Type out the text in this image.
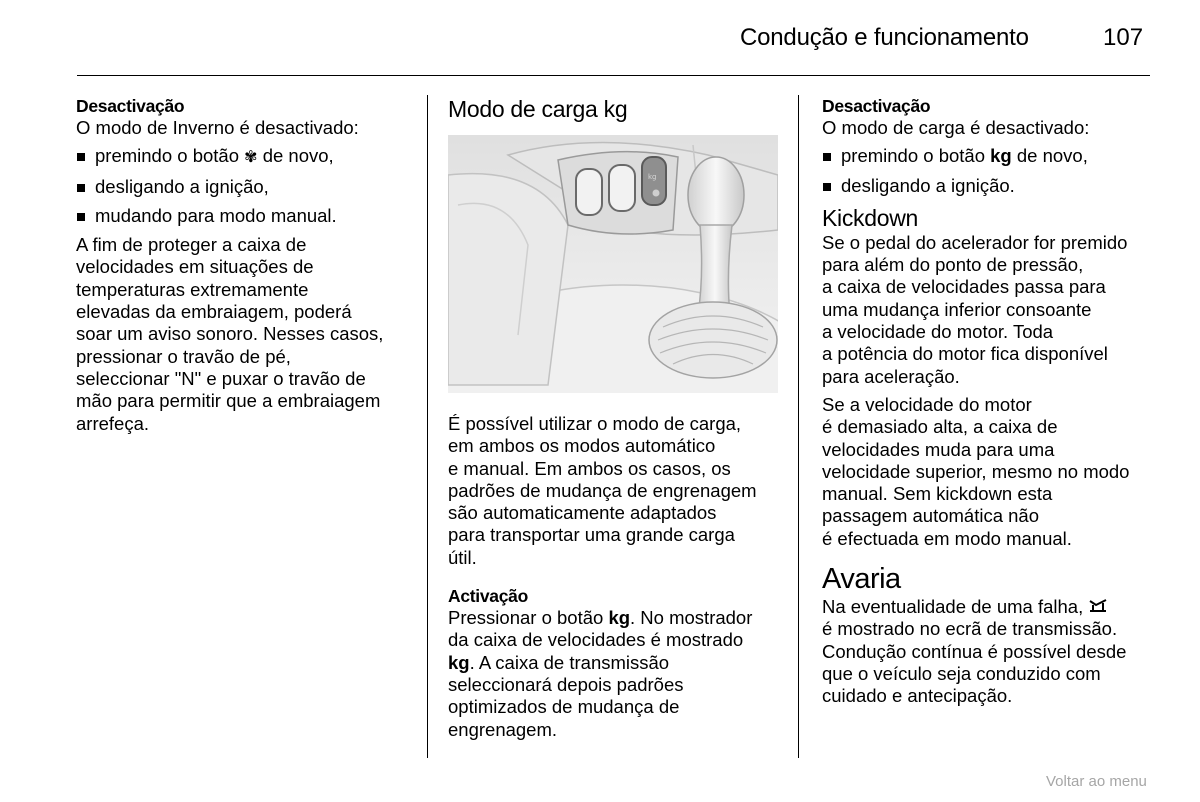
Condução e funcionamento	107
Desactivação

O modo de Inverno é desactivado:

premindo o botão ✾ de novo,
desligando a ignição,
mudando para modo manual.

A fim de proteger a caixa de
velocidades em situações de
temperaturas extremamente
elevadas da embraiagem, poderá
soar um aviso sonoro. Nesses casos,
pressionar o travão de pé,
seleccionar "N" e puxar o travão de
mão para permitir que a embraiagem
arrefeça.

Modo de carga kg
kg

É possível utilizar o modo de carga,
em ambos os modos automático
e manual. Em ambos os casos, os
padrões de mudança de engrenagem
são automaticamente adaptados
para transportar uma grande carga
útil.

Activação

Pressionar o botão kg. No mostrador
da caixa de velocidades é mostrado
kg. A caixa de transmissão
seleccionará depois padrões
optimizados de mudança de
engrenagem.

Desactivação

O modo de carga é desactivado:

premindo o botão kg de novo,
desligando a ignição.
Kickdown

Se o pedal do acelerador for premido
para além do ponto de pressão,
a caixa de velocidades passa para
uma mudança inferior consoante
a velocidade do motor. Toda
a potência do motor fica disponível
para aceleração.

Se a velocidade do motor
é demasiado alta, a caixa de
velocidades muda para uma
velocidade superior, mesmo no modo
manual. Sem kickdown esta
passagem automática não
é efectuada em modo manual.

Avaria

Na eventualidade de uma falha,
é mostrado no ecrã de transmissão.
Condução contínua é possível desde
que o veículo seja conduzido com
cuidado e antecipação.

Voltar ao menu
